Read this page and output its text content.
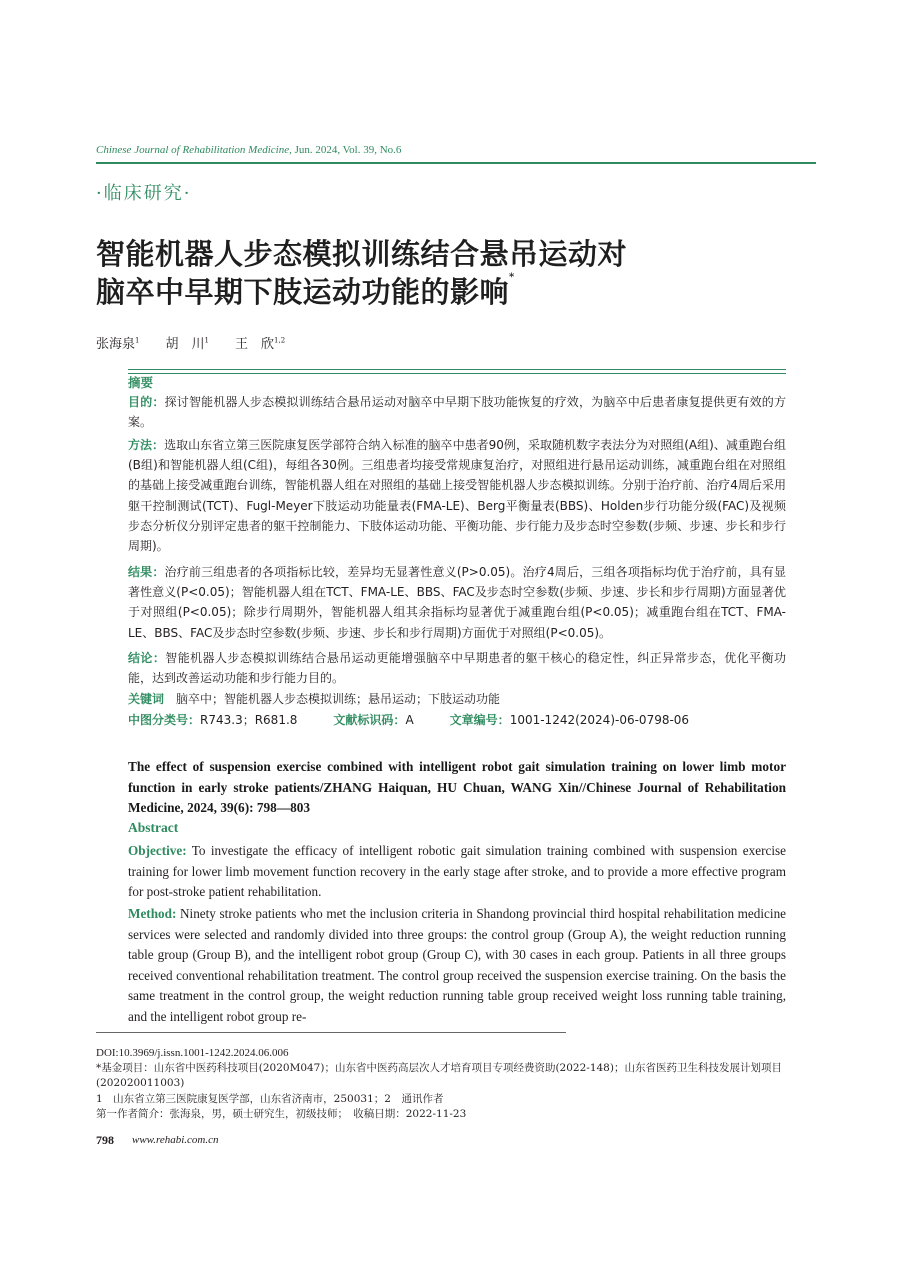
Chinese Journal of Rehabilitation Medicine, Jun. 2024, Vol. 39, No.6
·临床研究·
智能机器人步态模拟训练结合悬吊运动对
脑卒中早期下肢运动功能的影响*
张海泉$^1$　　 胡　川$^1$　　 王　欣$^{1,2}$
摘要
目的：探讨智能机器人步态模拟训练结合悬吊运动对脑卒中早期下肢功能恢复的疗效，为脑卒中后患者康复提供更有效的方案。
方法：选取山东省立第三医院康复医学部符合纳入标准的脑卒中患者90例，采取随机数字表法分为对照组(A组)、减重跑台组(B组)和智能机器人组(C组)，每组各30例。三组患者均接受常规康复治疗，对照组进行悬吊运动训练，减重跑台组在对照组的基础上接受减重跑台训练，智能机器人组在对照组的基础上接受智能机器人步态模拟训练。分别于治疗前、治疗4周后采用躯干控制测试(TCT)、Fugl-Meyer下肢运动功能量表(FMA-LE)、Berg平衡量表(BBS)、Holden步行功能分级(FAC)及视频步态分析仪分别评定患者的躯干控制能力、下肢体运动功能、平衡功能、步行能力及步态时空参数(步频、步速、步长和步行周期)。
结果：治疗前三组患者的各项指标比较，差异均无显著性意义(P>0.05)。治疗4周后，三组各项指标均优于治疗前，具有显著性意义(P<0.05)；智能机器人组在TCT、FMA-LE、BBS、FAC及步态时空参数(步频、步速、步长和步行周期)方面显著优于对照组(P<0.05)；除步行周期外，智能机器人组其余指标均显著优于减重跑台组(P<0.05)；减重跑台组在TCT、FMA-LE、BBS、FAC及步态时空参数(步频、步速、步长和步行周期)方面优于对照组(P<0.05)。
结论：智能机器人步态模拟训练结合悬吊运动更能增强脑卒中早期患者的躯干核心的稳定性，纠正异常步态，优化平衡功能，达到改善运动功能和步行能力目的。
关键词　 脑卒中；智能机器人步态模拟训练；悬吊运动；下肢运动功能
中图分类号：R743.3；R681.8　　　	文献标识码：A　　　	文章编号：1001-1242(2024)-06-0798-06
The effect of suspension exercise combined with intelligent robot gait simulation training on lower limb motor function in early stroke patients/ZHANG Haiquan, HU Chuan, WANG Xin//Chinese Journal of Rehabilitation Medicine, 2024, 39(6): 798—803
Abstract
Objective: To investigate the efficacy of intelligent robotic gait simulation training combined with suspension exercise training for lower limb movement function recovery in the early stage after stroke, and to provide a more effective program for post-stroke patient rehabilitation.
Method: Ninety stroke patients who met the inclusion criteria in Shandong provincial third hospital rehabilitation medicine services were selected and randomly divided into three groups: the control group (Group A), the weight reduction running table group (Group B), and the intelligent robot group (Group C), with 30 cases in each group. Patients in all three groups received conventional rehabilitation treatment. The control group received the suspension exercise training. On the basis the same treatment in the control group, the weight reduction running table group received weight loss running table training, and the intelligent robot group re-
DOI:10.3969/j.issn.1001-1242.2024.06.006
*基金项目：山东省中医药科技项目(2020M047)；山东省中医药高层次人才培育项目专项经费资助(2022-148)；山东省医药卫生科技发展计划项目(202020011003)
1　山东省立第三医院康复医学部，山东省济南市，250031；2　通讯作者
第一作者简介：张海泉，男，硕士研究生，初级技师；　收稿日期：2022-11-23
798 www.rehabi.com.cn
